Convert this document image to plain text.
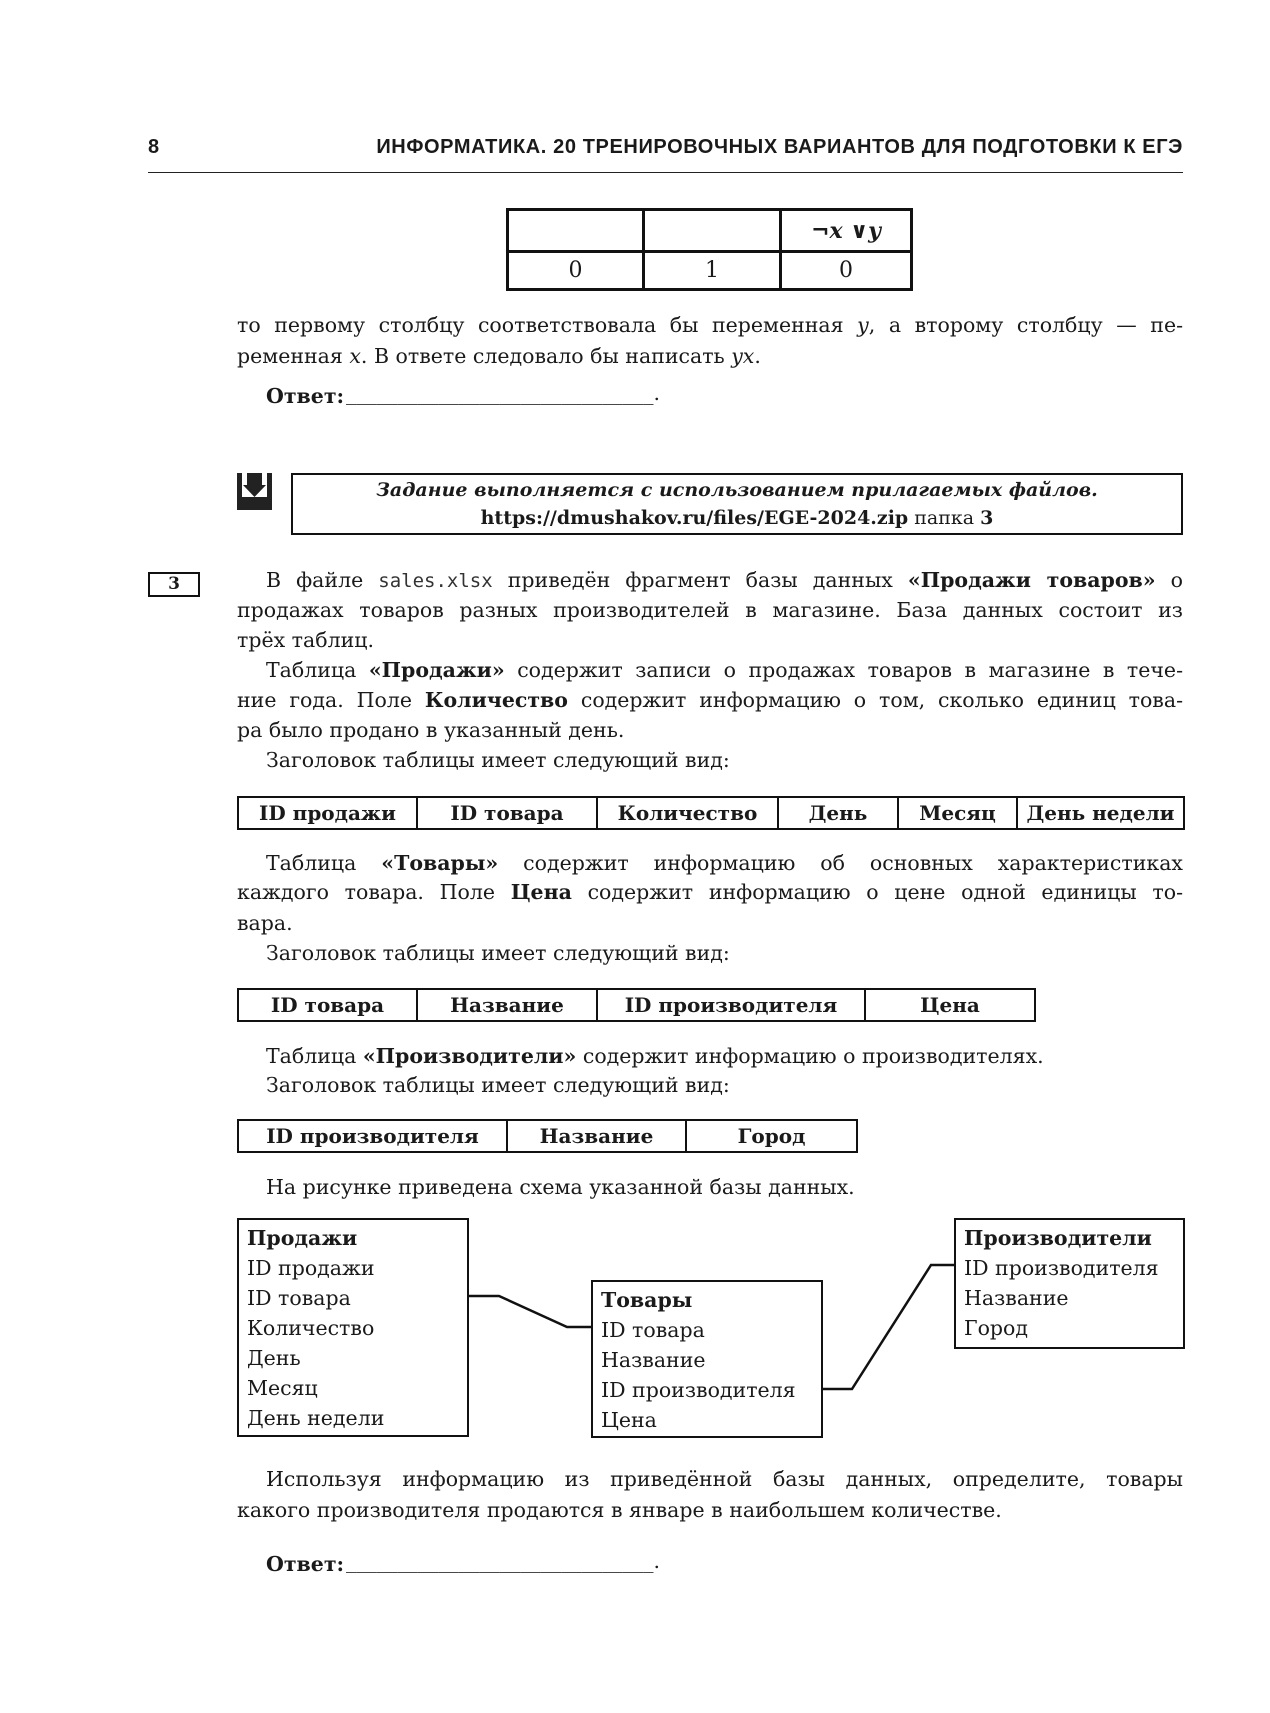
8	ИНФОРМАТИКА. 20 ТРЕНИРОВОЧНЫХ ВАРИАНТОВ ДЛЯ ПОДГОТОВКИ К ЕГЭ
		¬x ∨y
0	1	0
то первому столбцу соответствовала бы переменная y, а второму столбцу — пе-
ременная x. В ответе следовало бы написать yx.
В файле sales.xlsx приведён фрагмент базы данных «Продажи товаров» о
продажах товаров разных производителей в магазине. База данных состоит из
трёх таблиц.
Таблица «Продажи» содержит записи о продажах товаров в магазине в тече-
ние года. Поле Количество содержит информацию о том, сколько единиц това-
ра было продано в указанный день.
Заголовок таблицы имеет следующий вид:
Таблица «Товары» содержит информацию об основных характеристиках
каждого товара. Поле Цена содержит информацию о цене одной единицы то-
вара.
Заголовок таблицы имеет следующий вид:
Таблица «Производители» содержит информацию о производителях.
Заголовок таблицы имеет следующий вид:
На рисунке приведена схема указанной базы данных.
Используя информацию из приведённой базы данных, определите, товары
какого производителя продаются в январе в наибольшем количестве.
Ответ: ______________________________.
Задание выполняется с использованием прилагаемых файлов.
https://dmushakov.ru/files/EGE-2024.zip папка 3
3
ID продажи	ID товара	Количество	День	Месяц	День недели
ID товара	Название	ID производителя	Цена
ID производителя	Название	Город
Продажи
ID продажи
ID товара
Количество
День
Месяц
День недели
Товары
ID товара
Название
ID производителя
Цена
Производители
ID производителя
Название
Город
Ответ: ______________________________.
